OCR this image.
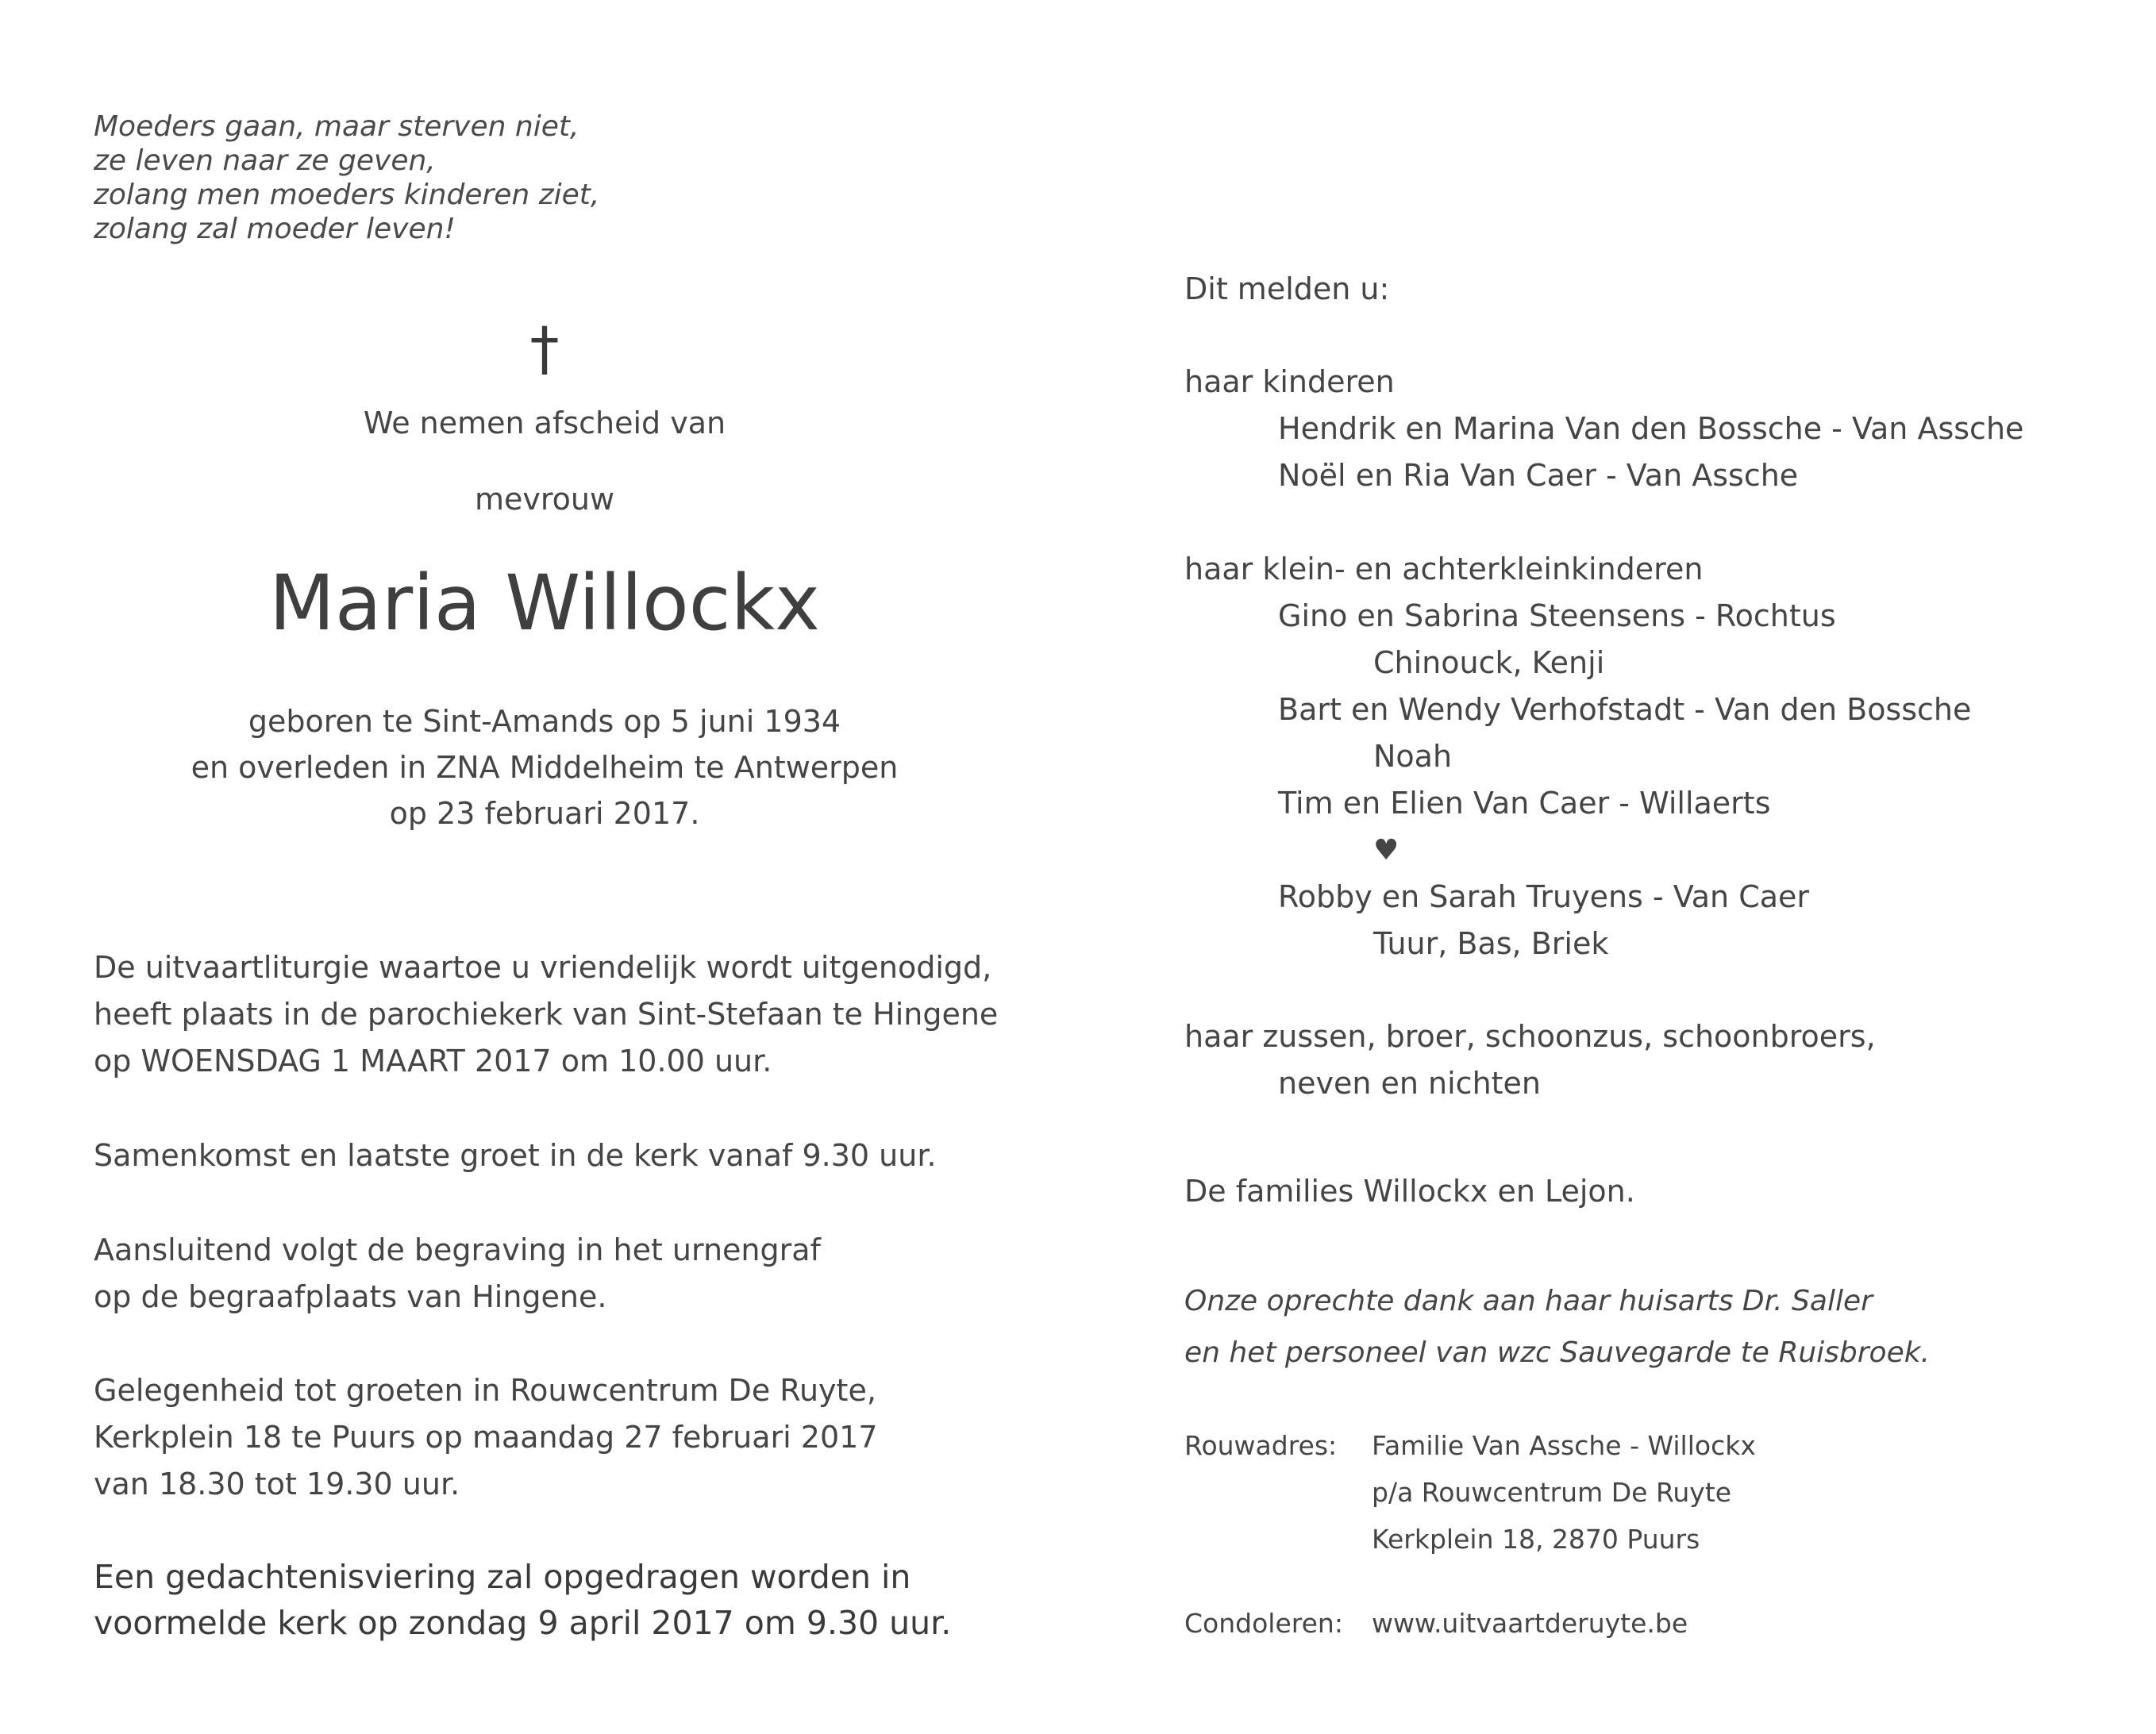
Moeders gaan, maar sterven niet,
ze leven naar ze geven,
zolang men moeders kinderen ziet,
zolang zal moeder leven!
†
We nemen afscheid van
mevrouw
Maria Willockx
geboren te Sint-Amands op 5 juni 1934
en overleden in ZNA Middelheim te Antwerpen
op 23 februari 2017.
De uitvaartliturgie waartoe u vriendelijk wordt uitgenodigd,
heeft plaats in de parochiekerk van Sint-Stefaan te Hingene
op WOENSDAG 1 MAART 2017 om 10.00 uur.
Samenkomst en laatste groet in de kerk vanaf 9.30 uur.
Aansluitend volgt de begraving in het urnengraf
op de begraafplaats van Hingene.
Gelegenheid tot groeten in Rouwcentrum De Ruyte,
Kerkplein 18 te Puurs op maandag 27 februari 2017
van 18.30 tot 19.30 uur.
Een gedachtenisviering zal opgedragen worden in
voormelde kerk op zondag 9 april 2017 om 9.30 uur.
Dit melden u:
haar kinderen
Hendrik en Marina Van den Bossche - Van Assche
Noël en Ria Van Caer - Van Assche
haar klein- en achterkleinkinderen
Gino en Sabrina Steensens - Rochtus
Chinouck, Kenji
Bart en Wendy Verhofstadt - Van den Bossche
Noah
Tim en Elien Van Caer - Willaerts
♥
Robby en Sarah Truyens - Van Caer
Tuur, Bas, Briek
haar zussen, broer, schoonzus, schoonbroers,
neven en nichten
De families Willockx en Lejon.
Onze oprechte dank aan haar huisarts Dr. Saller
en het personeel van wzc Sauvegarde te Ruisbroek.
Rouwadres: Familie Van Assche - Willockx
p/a Rouwcentrum De Ruyte
Kerkplein 18, 2870 Puurs
Condoleren: www.uitvaartderuyte.be
